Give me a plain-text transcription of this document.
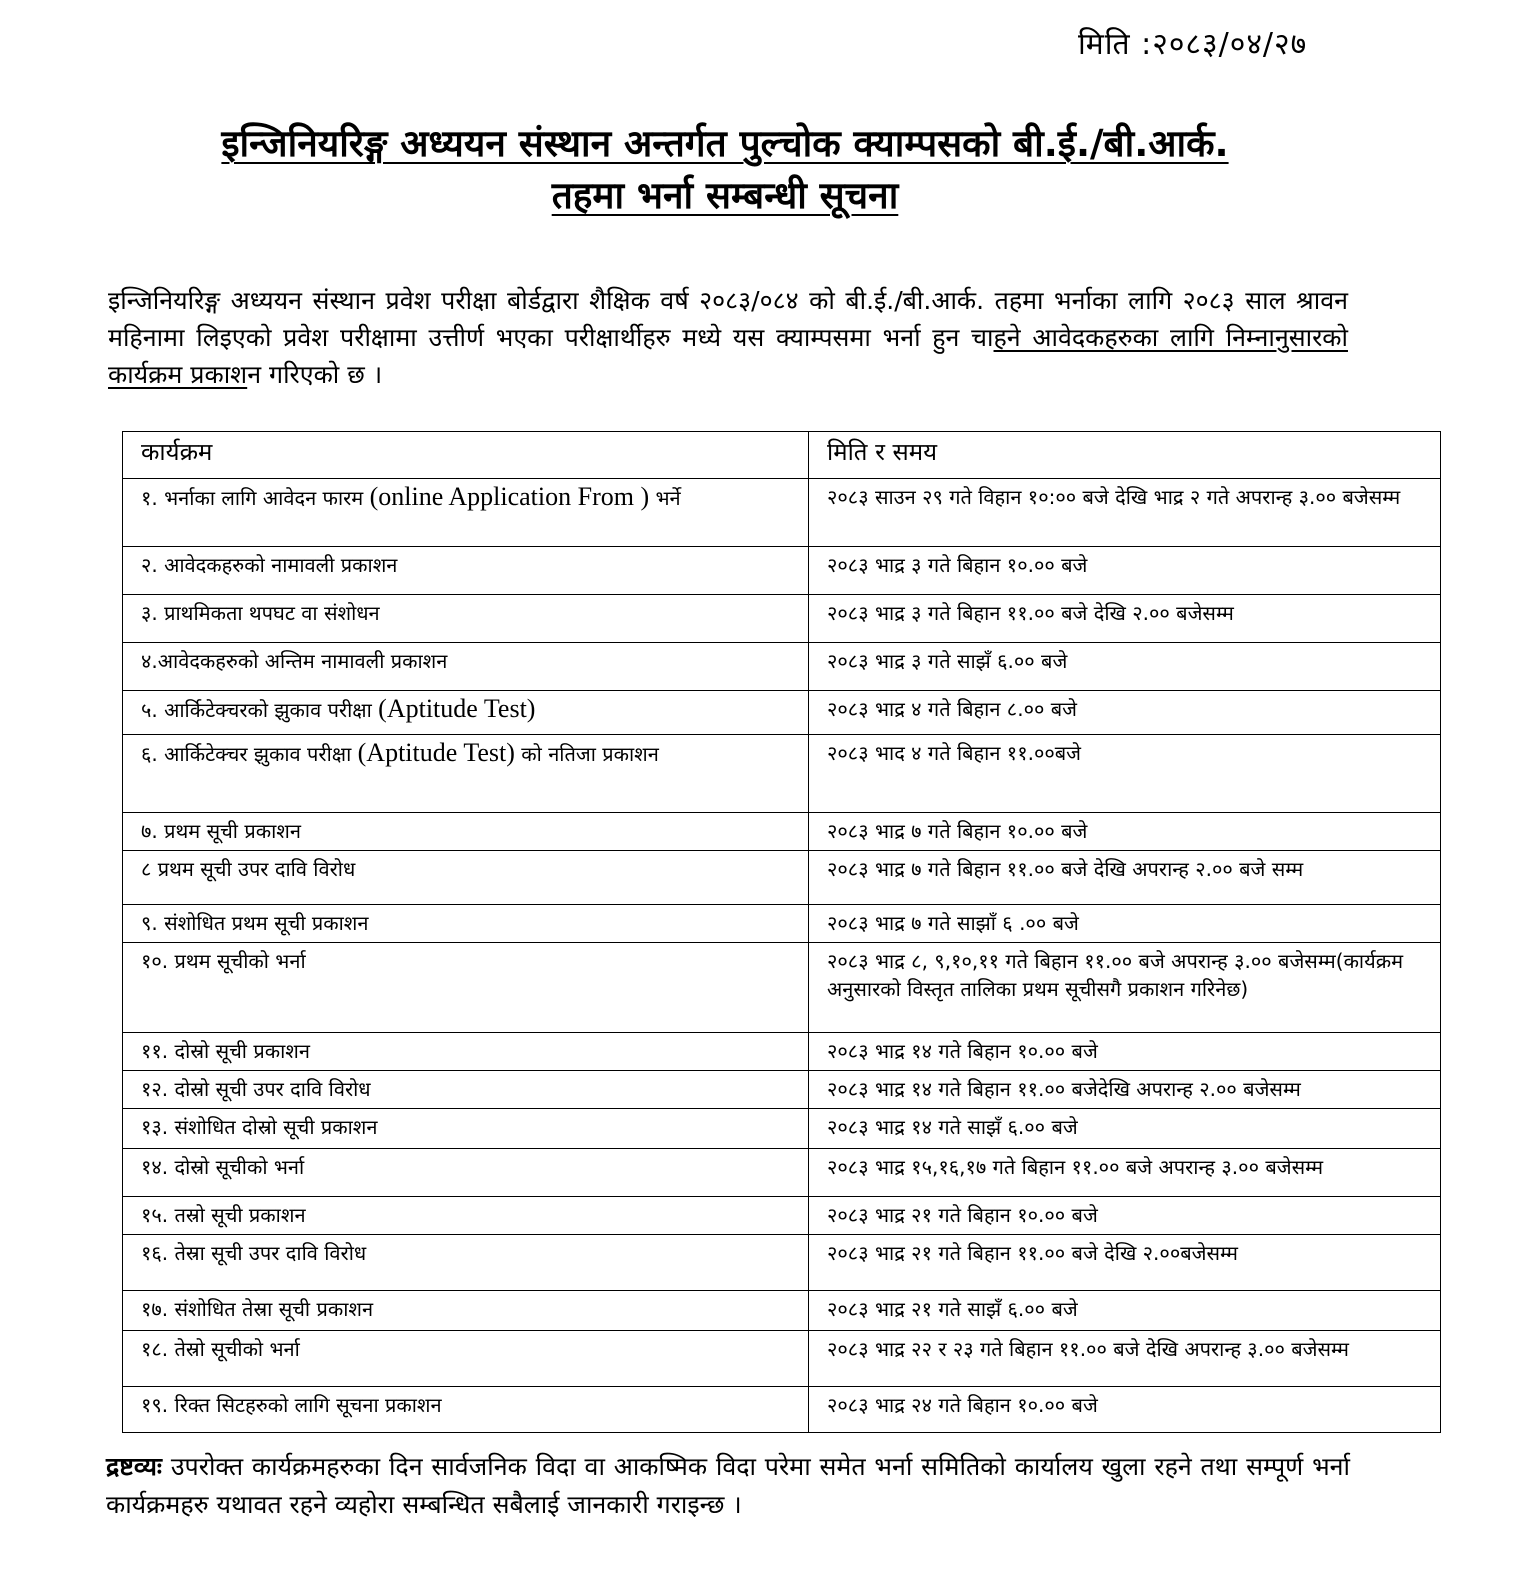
मिति :२०८३/०४/२७
इन्जिनियरिङ्ग अध्ययन संस्थान अन्तर्गत पुल्चोक क्याम्पसको बी.ई./बी.आर्क.
तहमा भर्ना सम्बन्धी सूचना
इन्जिनियरिङ्ग अध्ययन संस्थान प्रवेश परीक्षा बोर्डद्वारा शैक्षिक वर्ष २०८३/०८४ को बी.ई./बी.आर्क. तहमा भर्नाका लागि २०८३ साल श्रावन महिनामा लिइएको प्रवेश परीक्षामा उत्तीर्ण भएका परीक्षार्थीहरु मध्ये यस क्याम्पसमा भर्ना हुन चाहने आवेदकहरुका लागि निम्नानुसारको कार्यक्रम प्रकाशन गरिएको छ ।
कार्यक्रम	मिति र समय
१. भर्नाका लागि आवेदन फारम (online Application From ) भर्ने	२०८३ साउन २९ गते विहान १०:०० बजे देखि भाद्र २ गते अपरान्ह ३.०० बजेसम्म
२. आवेदकहरुको नामावली प्रकाशन	२०८३ भाद्र ३ गते बिहान १०.०० बजे
३. प्राथमिकता थपघट वा संशोधन	२०८३ भाद्र ३ गते बिहान ११.०० बजे देखि २.०० बजेसम्म
४.आवेदकहरुको अन्तिम नामावली प्रकाशन	२०८३ भाद्र ३ गते साझँ ६.०० बजे
५. आर्किटेक्चरको झुकाव परीक्षा (Aptitude Test)	२०८३ भाद्र ४ गते बिहान ८.०० बजे
६. आर्किटेक्चर झुकाव परीक्षा (Aptitude Test) को नतिजा प्रकाशन	२०८३ भाद ४ गते बिहान ११.००बजे
७. प्रथम सूची प्रकाशन	२०८३ भाद्र ७ गते बिहान १०.०० बजे
८ प्रथम सूची उपर दावि विरोध	२०८३ भाद्र ७ गते बिहान ११.०० बजे देखि अपरान्ह २.०० बजे सम्म
९. संशोधित प्रथम सूची प्रकाशन	२०८३ भाद्र ७ गते साझाँ ६ .०० बजे
१०. प्रथम सूचीको भर्ना	२०८३ भाद्र ८, ९,१०,११ गते बिहान ११.०० बजे अपरान्ह ३.०० बजेसम्म(कार्यक्रम अनुसारको विस्तृत तालिका प्रथम सूचीसगै प्रकाशन गरिनेछ)
११. दोस्रो सूची प्रकाशन	२०८३ भाद्र १४ गते बिहान १०.०० बजे
१२. दोस्रो सूची उपर दावि विरोध	२०८३ भाद्र १४ गते बिहान ११.०० बजेदेखि अपरान्ह २.०० बजेसम्म
१३. संशोधित दोस्रो सूची प्रकाशन	२०८३ भाद्र १४ गते साझँ ६.०० बजे
१४. दोस्रो सूचीको भर्ना	२०८३ भाद्र १५,१६,१७ गते बिहान ११.०० बजे अपरान्ह ३.०० बजेसम्म
१५. तस्रो सूची प्रकाशन	२०८३ भाद्र २१ गते बिहान १०.०० बजे
१६. तेस्रा सूची उपर दावि विरोध	२०८३ भाद्र २१ गते बिहान ११.०० बजे देखि २.००बजेसम्म
१७. संशोधित तेस्रा सूची प्रकाशन	२०८३ भाद्र २१ गते साझँ ६.०० बजे
१८. तेस्रो सूचीको भर्ना	२०८३ भाद्र २२ र २३ गते बिहान ११.०० बजे देखि अपरान्ह ३.०० बजेसम्म
१९. रिक्त सिटहरुको लागि सूचना प्रकाशन	२०८३ भाद्र २४ गते बिहान १०.०० बजे
द्रष्टव्यः उपरोक्त कार्यक्रमहरुका दिन सार्वजनिक विदा वा आकष्मिक विदा परेमा समेत भर्ना समितिको कार्यालय खुला रहने तथा सम्पूर्ण भर्ना कार्यक्रमहरु यथावत रहने व्यहोरा सम्बन्धित सबैलाई जानकारी गराइन्छ ।
